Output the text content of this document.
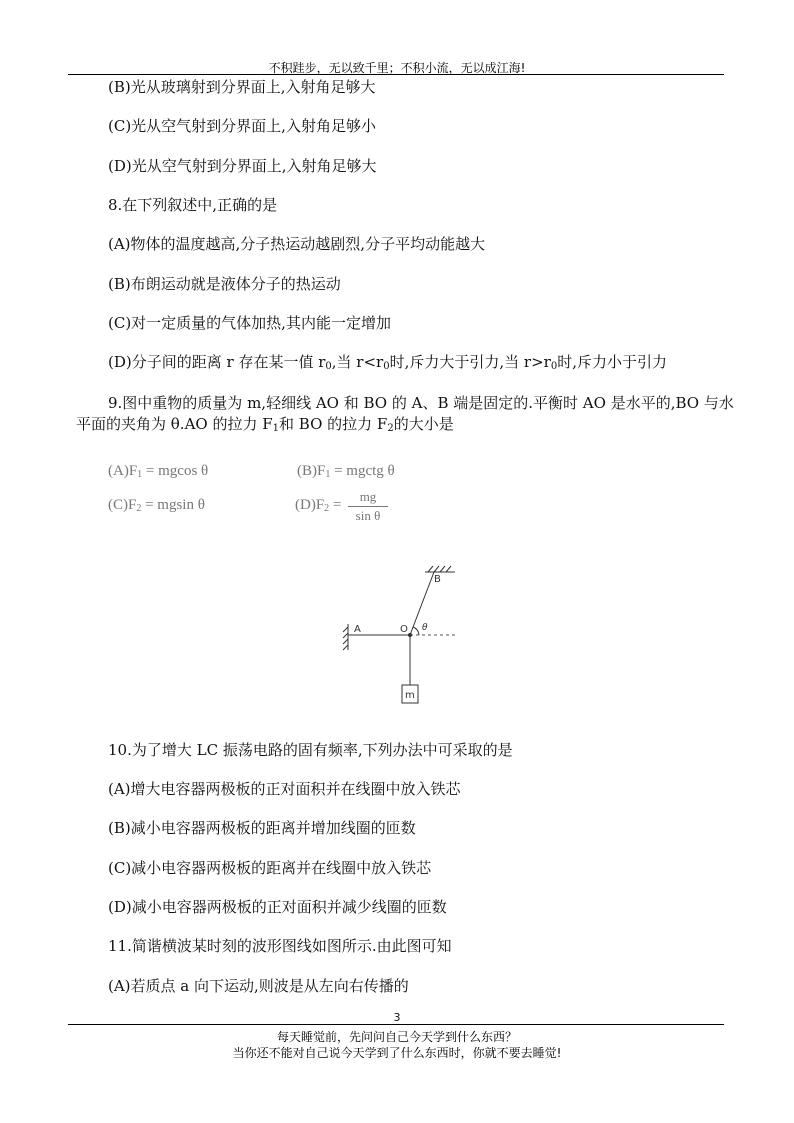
不积跬步，无以致千里；不积小流，无以成江海!
(B)光从玻璃射到分界面上,入射角足够大
(C)光从空气射到分界面上,入射角足够小
(D)光从空气射到分界面上,入射角足够大
8.在下列叙述中,正确的是
(A)物体的温度越高,分子热运动越剧烈,分子平均动能越大
(B)布朗运动就是液体分子的热运动
(C)对一定质量的气体加热,其内能一定增加
(D)分子间的距离 r 存在某一值 $r_0$,当 $r<r_0$时,斥力大于引力,当 $r>r_0$时,斥力小于引力
9.图中重物的质量为 m,轻细线 AO 和 BO 的 A、B 端是固定的.平衡时 AO 是水平的,BO 与水
平面的夹角为 θ.AO 的拉力 $F_1$和 BO 的拉力 $F_2$的大小是
$(A)F_1 = mgcos$ θ	$(B)F_1$ = mgctg θ
$(C)F_2 = mgsin$ θ	$(D)F_2$ =
mg
sin θ
B
A	O θ
m
10.为了增大 LC 振荡电路的固有频率,下列办法中可采取的是
(A)增大电容器两极板的正对面积并在线圈中放入铁芯
(B)减小电容器两极板的距离并增加线圈的匝数
(C)减小电容器两极板的距离并在线圈中放入铁芯
(D)减小电容器两极板的正对面积并减少线圈的匝数
11.简谐横波某时刻的波形图线如图所示.由此图可知
(A)若质点 a 向下运动,则波是从左向右传播的
3
每天睡觉前，先问问自己今天学到什么东西？
当你还不能对自己说今天学到了什么东西时，你就不要去睡觉!
